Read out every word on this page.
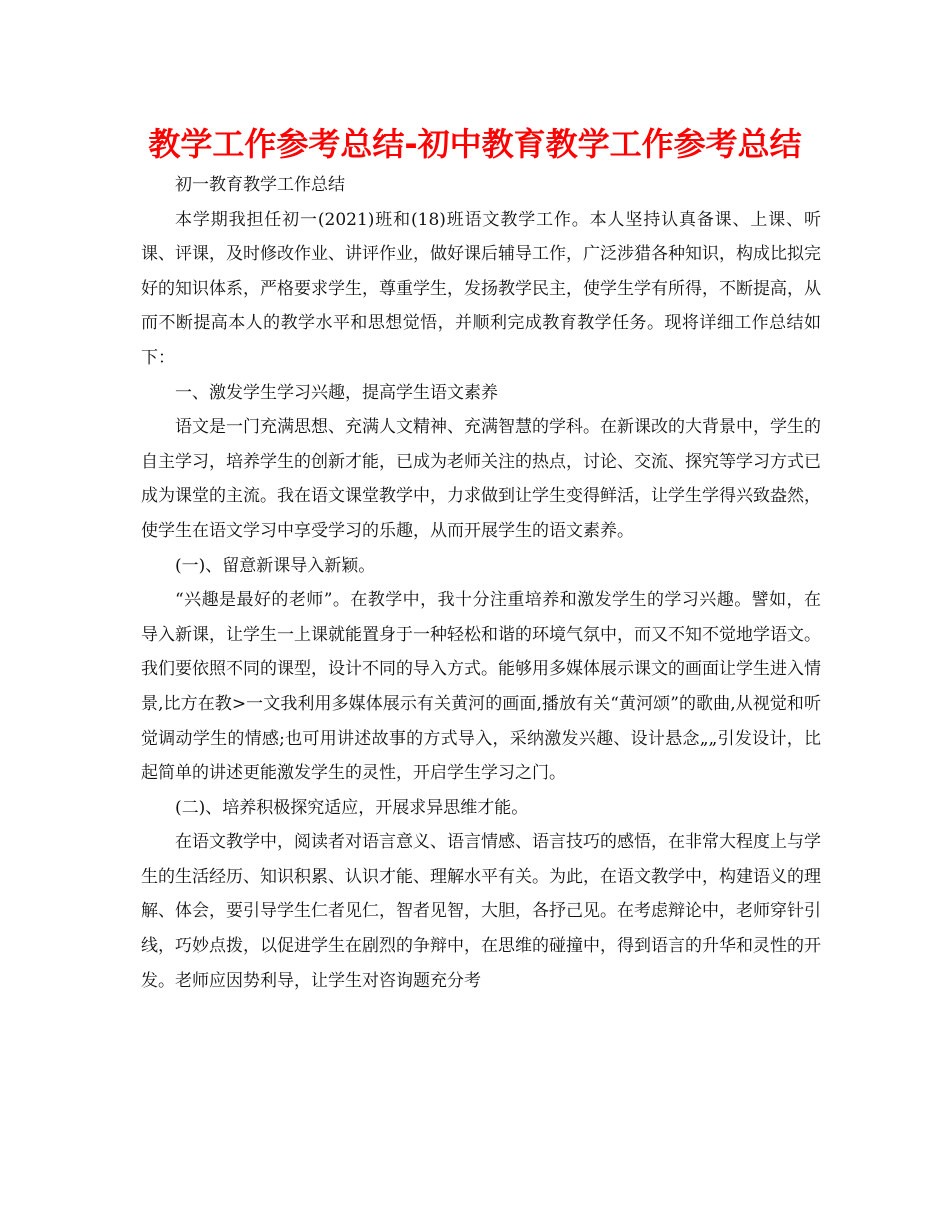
教学工作参考总结-初中教育教学工作参考总结

初一教育教学工作总结

本学期我担任初一(2021)班和(18)班语文教学工作。本人坚持认真备课、上课、听课、评课，及时修改作业、讲评作业，做好课后辅导工作，广泛涉猎各种知识，构成比拟完好的知识体系，严格要求学生，尊重学生，发扬教学民主，使学生学有所得，不断提高，从而不断提高本人的教学水平和思想觉悟，并顺利完成教育教学任务。现将详细工作总结如下：

一、激发学生学习兴趣，提高学生语文素养

语文是一门充满思想、充满人文精神、充满智慧的学科。在新课改的大背景中，学生的自主学习，培养学生的创新才能，已成为老师关注的热点，讨论、交流、探究等学习方式已成为课堂的主流。我在语文课堂教学中，力求做到让学生变得鲜活，让学生学得兴致盎然，使学生在语文学习中享受学习的乐趣，从而开展学生的语文素养。

(一)、留意新课导入新颖。

“兴趣是最好的老师”。在教学中，我十分注重培养和激发学生的学习兴趣。譬如，在导入新课，让学生一上课就能置身于一种轻松和谐的环境气氛中，而又不知不觉地学语文。我们要依照不同的课型，设计不同的导入方式。能够用多媒体展示课文的画面让学生进入情景,比方在教>一文我利用多媒体展示有关黄河的画面,播放有关“黄河颂”的歌曲,从视觉和听觉调动学生的情感;也可用讲述故事的方式导入，采纳激发兴趣、设计悬念„„引发设计，比起简单的讲述更能激发学生的灵性，开启学生学习之门。

(二)、培养积极探究适应，开展求异思维才能。

在语文教学中，阅读者对语言意义、语言情感、语言技巧的感悟，在非常大程度上与学生的生活经历、知识积累、认识才能、理解水平有关。为此，在语文教学中，构建语义的理解、体会，要引导学生仁者见仁，智者见智，大胆，各抒己见。在考虑辩论中，老师穿针引线，巧妙点拨，以促进学生在剧烈的争辩中，在思维的碰撞中，得到语言的升华和灵性的开发。老师应因势利导，让学生对咨询题充分考
